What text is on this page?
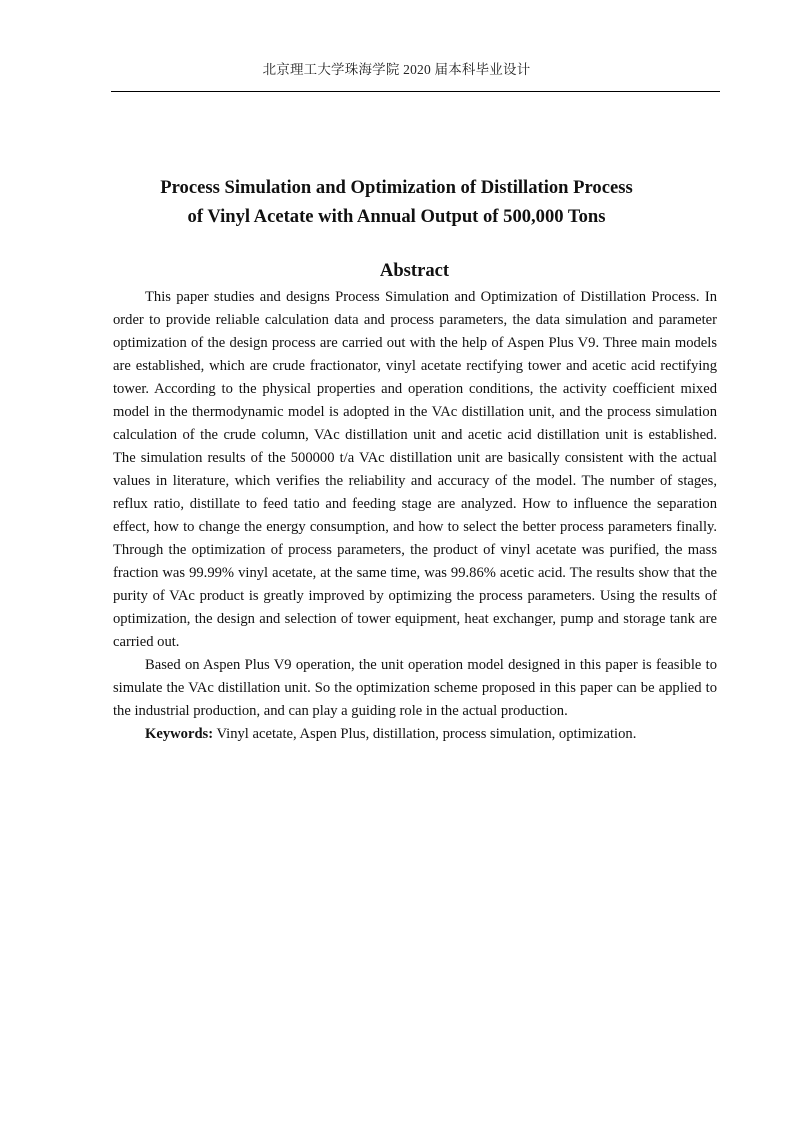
北京理工大学珠海学院 2020 届本科毕业设计
Process Simulation and Optimization of Distillation Process
of Vinyl Acetate with Annual Output of 500,000 Tons
Abstract

This paper studies and designs Process Simulation and Optimization of Distillation Process. In order to provide reliable calculation data and process parameters, the data simulation and parameter optimization of the design process are carried out with the help of Aspen Plus V9. Three main models are established, which are crude fractionator, vinyl acetate rectifying tower and acetic acid rectifying tower. According to the physical properties and operation conditions, the activity coefficient mixed model in the thermodynamic model is adopted in the VAc distillation unit, and the process simulation calculation of the crude column, VAc distillation unit and acetic acid distillation unit is established. The simulation results of the 500000 t/a VAc distillation unit are basically consistent with the actual values in literature, which verifies the reliability and accuracy of the model. The number of stages, reflux ratio, distillate to feed tatio and feeding stage are analyzed. How to influence the separation effect, how to change the energy consumption, and how to select the better process parameters finally. Through the optimization of process parameters, the product of vinyl acetate was purified, the mass fraction was 99.99% vinyl acetate, at the same time, was 99.86% acetic acid. The results show that the purity of VAc product is greatly improved by optimizing the process parameters. Using the results of optimization, the design and selection of tower equipment, heat exchanger, pump and storage tank are carried out.

Based on Aspen Plus V9 operation, the unit operation model designed in this paper is feasible to simulate the VAc distillation unit. So the optimization scheme proposed in this paper can be applied to the industrial production, and can play a guiding role in the actual production.

Keywords: Vinyl acetate, Aspen Plus, distillation, process simulation, optimization.
